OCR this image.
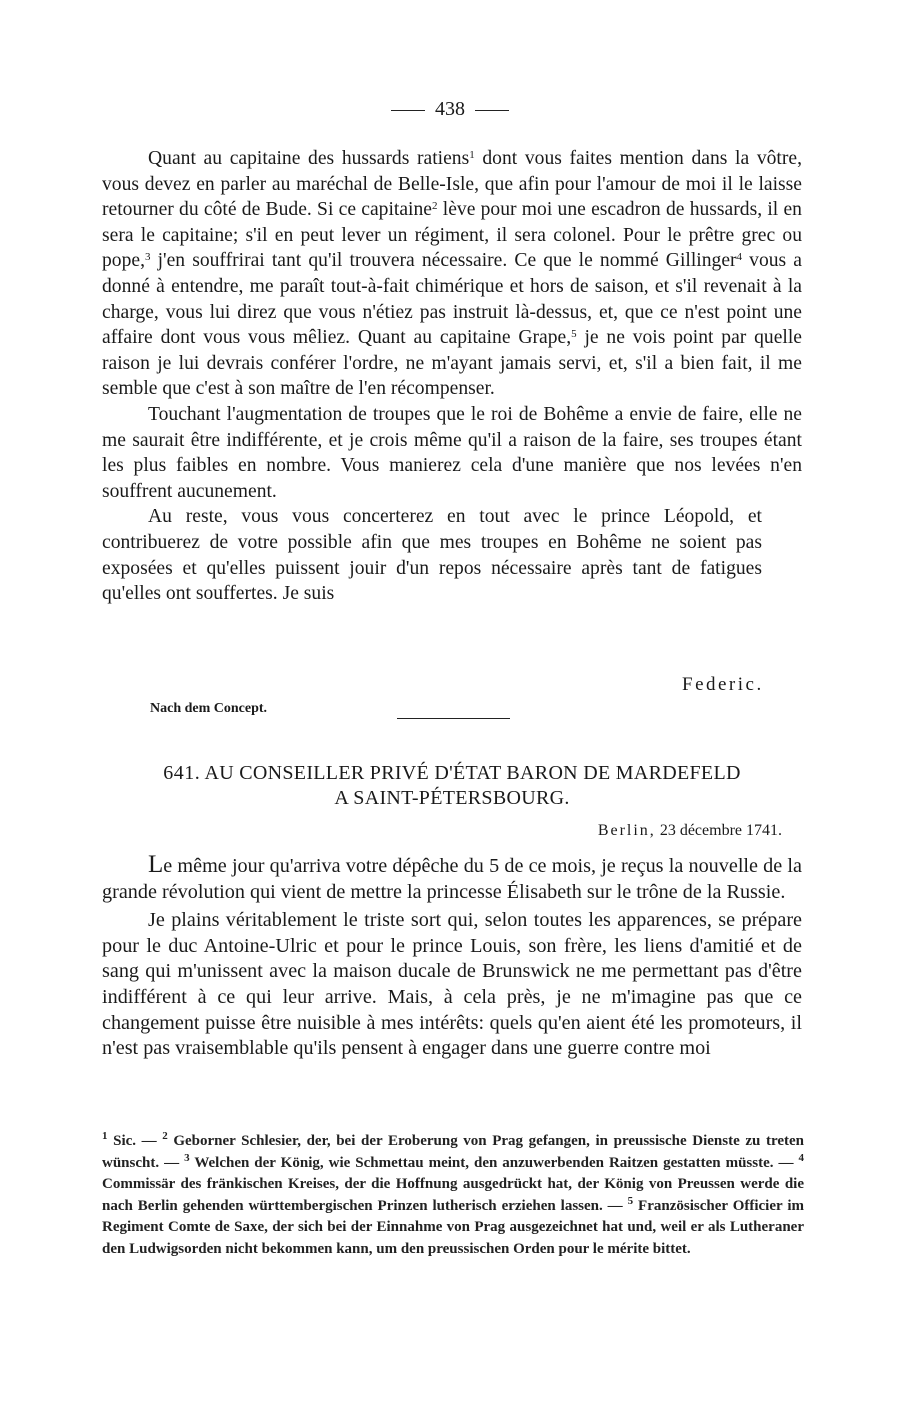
438

Quant au capitaine des hussards ratiens$^1$ dont vous faites mention dans la vôtre, vous devez en parler au maréchal de Belle-Isle, que afin pour l'amour de moi il le laisse retourner du côté de Bude. Si ce capitaine$^2$ lève pour moi une escadron de hussards, il en sera le capitaine; s'il en peut lever un régiment, il sera colonel. Pour le prêtre grec ou pope,$^3$ j'en souffrirai tant qu'il trouvera nécessaire. Ce que le nommé Gillinger$^4$ vous a donné à entendre, me paraît tout-à-fait chimérique et hors de saison, et s'il revenait à la charge, vous lui direz que vous n'étiez pas instruit là-dessus, et, que ce n'est point une affaire dont vous vous mêliez. Quant au capitaine Grape,$^5$ je ne vois point par quelle raison je lui devrais conférer l'ordre, ne m'ayant jamais servi, et, s'il a bien fait, il me semble que c'est à son maître de l'en récompenser.

Touchant l'augmentation de troupes que le roi de Bohême a envie de faire, elle ne me saurait être indifférente, et je crois même qu'il a raison de la faire, ses troupes étant les plus faibles en nombre. Vous manierez cela d'une manière que nos levées n'en souffrent aucunement.

Au reste, vous vous concerterez en tout avec le prince Léopold, et contribuerez de votre possible afin que mes troupes en Bohême ne soient pas exposées et qu'elles puissent jouir d'un repos nécessaire après tant de fatigues qu'elles ont souffertes. Je suis

Federic.
Nach dem Concept.
641. AU CONSEILLER PRIVÉ D'ÉTAT BARON DE MARDEFELD
A SAINT-PÉTERSBOURG.
Berlin, 23 décembre 1741.

Le même jour qu'arriva votre dépêche du 5 de ce mois, je reçus la nouvelle de la grande révolution qui vient de mettre la princesse Élisabeth sur le trône de la Russie.

Je plains véritablement le triste sort qui, selon toutes les apparences, se prépare pour le duc Antoine-Ulric et pour le prince Louis, son frère, les liens d'amitié et de sang qui m'unissent avec la maison ducale de Brunswick ne me permettant pas d'être indifférent à ce qui leur arrive. Mais, à cela près, je ne m'imagine pas que ce changement puisse être nuisible à mes intérêts: quels qu'en aient été les promoteurs, il n'est pas vraisemblable qu'ils pensent à engager dans une guerre contre moi

$^1$ Sic. — $^2$ Geborner Schlesier, der, bei der Eroberung von Prag gefangen, in preussische Dienste zu treten wünscht. — $^3$ Welchen der König, wie Schmettau meint, den anzuwerbenden Raitzen gestatten müsste. — $^4$ Commissär des fränkischen Kreises, der die Hoffnung ausgedrückt hat, der König von Preussen werde die nach Berlin gehenden württembergischen Prinzen lutherisch erziehen lassen. — $^5$ Französischer Officier im Regiment Comte de Saxe, der sich bei der Einnahme von Prag ausgezeichnet hat und, weil er als Lutheraner den Ludwigsorden nicht bekommen kann, um den preussischen Orden pour le mérite bittet.
